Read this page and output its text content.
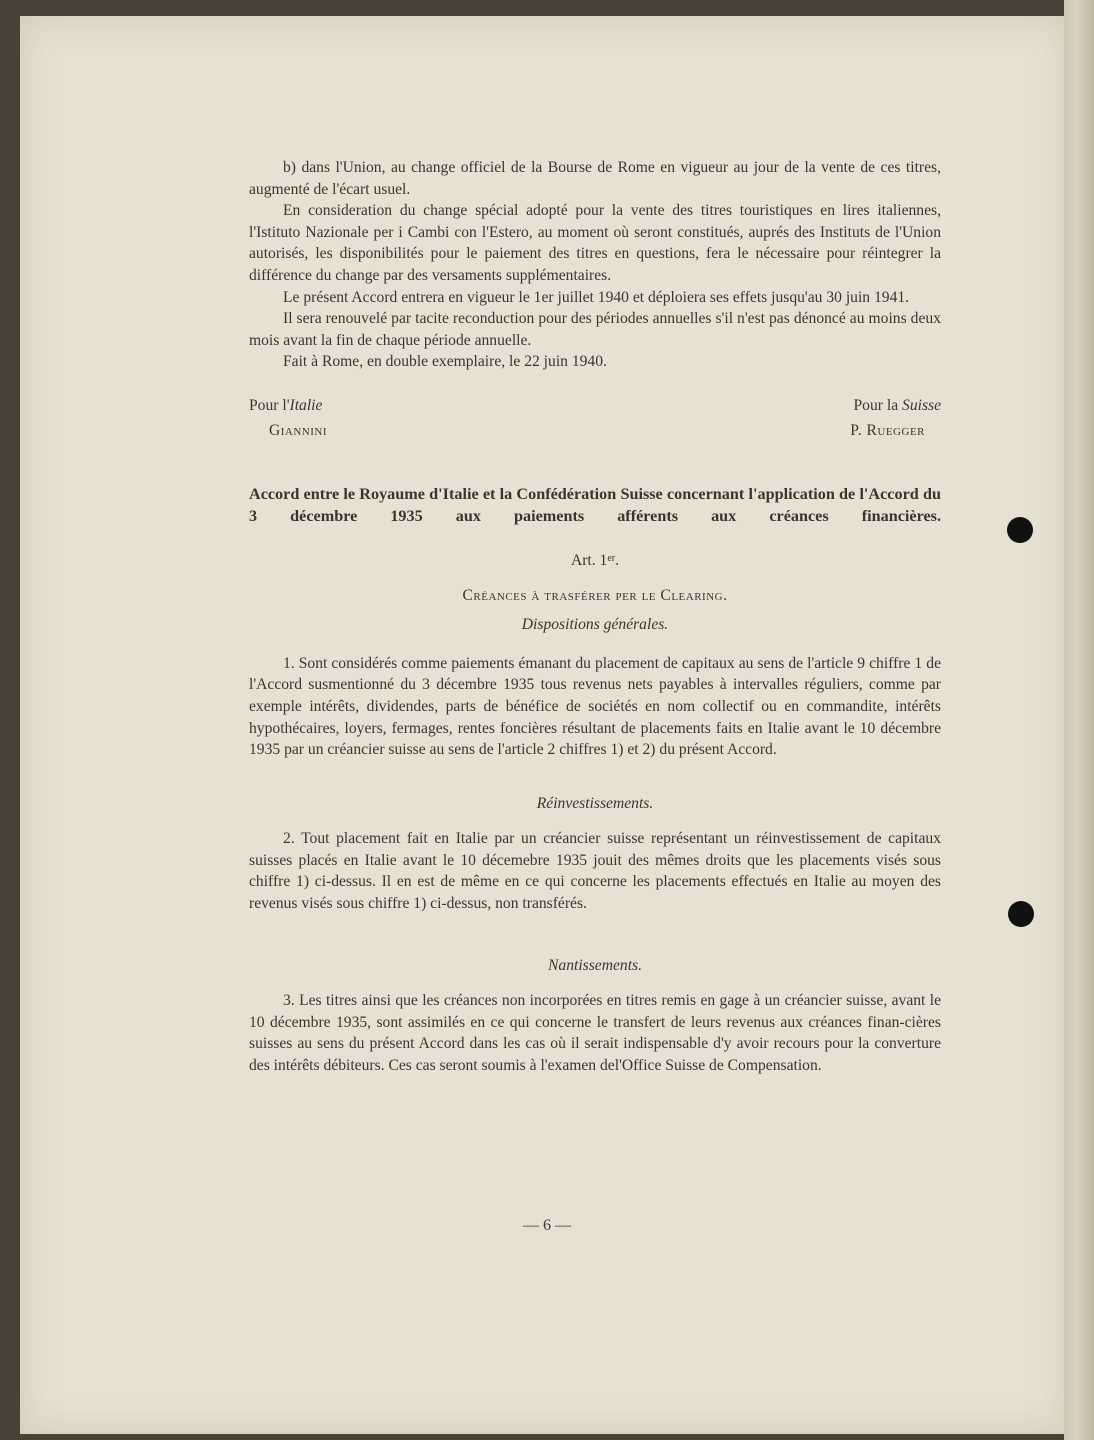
b) dans l'Union, au change officiel de la Bourse de Rome en vigueur au jour de la vente de ces titres, augmenté de l'écart usuel.

En consideration du change spécial adopté pour la vente des titres touristiques en lires italiennes, l'Istituto Nazionale per i Cambi con l'Estero, au moment où seront constitués, auprés des Instituts de l'Union autorisés, les disponibilités pour le paiement des titres en questions, fera le nécessaire pour réintegrer la différence du change par des versaments supplémentaires.

Le présent Accord entrera en vigueur le 1er juillet 1940 et déploiera ses effets jusqu'au 30 juin 1941.

Il sera renouvelé par tacite reconduction pour des périodes annuelles s'il n'est pas dénoncé au moins deux mois avant la fin de chaque période annuelle.

Fait à Rome, en double exemplaire, le 22 juin 1940.

Pour l'Italie
Giannini
Pour la Suisse
P. Ruegger

Accord entre le Royaume d'Italie et la Confédération Suisse concernant l'application de l'Accord du 3 décembre 1935 aux paiements afférents aux créances financières.

Art. 1er.
Créances à trasférer per le Clearing.
Dispositions générales.

1. Sont considérés comme paiements émanant du placement de capitaux au sens de l'article 9 chiffre 1 de l'Accord susmentionné du 3 décembre 1935 tous revenus nets payables à intervalles réguliers, comme par exemple intérêts, dividendes, parts de bénéfice de sociétés en nom collectif ou en commandite, intérêts hypothécaires, loyers, fermages, rentes foncières résultant de placements faits en Italie avant le 10 décembre 1935 par un créancier suisse au sens de l'article 2 chiffres 1) et 2) du présent Accord.

Réinvestissements.

2. Tout placement fait en Italie par un créancier suisse représentant un réinvestissement de capitaux suisses placés en Italie avant le 10 décemebre 1935 jouit des mêmes droits que les placements visés sous chiffre 1) ci-dessus. Il en est de même en ce qui concerne les placements effectués en Italie au moyen des revenus visés sous chiffre 1) ci-dessus, non transférés.

Nantissements.

3. Les titres ainsi que les créances non incorporées en titres remis en gage à un créancier suisse, avant le 10 décembre 1935, sont assimilés en ce qui concerne le transfert de leurs revenus aux créances finan-cières suisses au sens du présent Accord dans les cas où il serait indispensable d'y avoir recours pour la converture des intérêts débiteurs. Ces cas seront soumis à l'examen del'Office Suisse de Compensation.

— 6 —
